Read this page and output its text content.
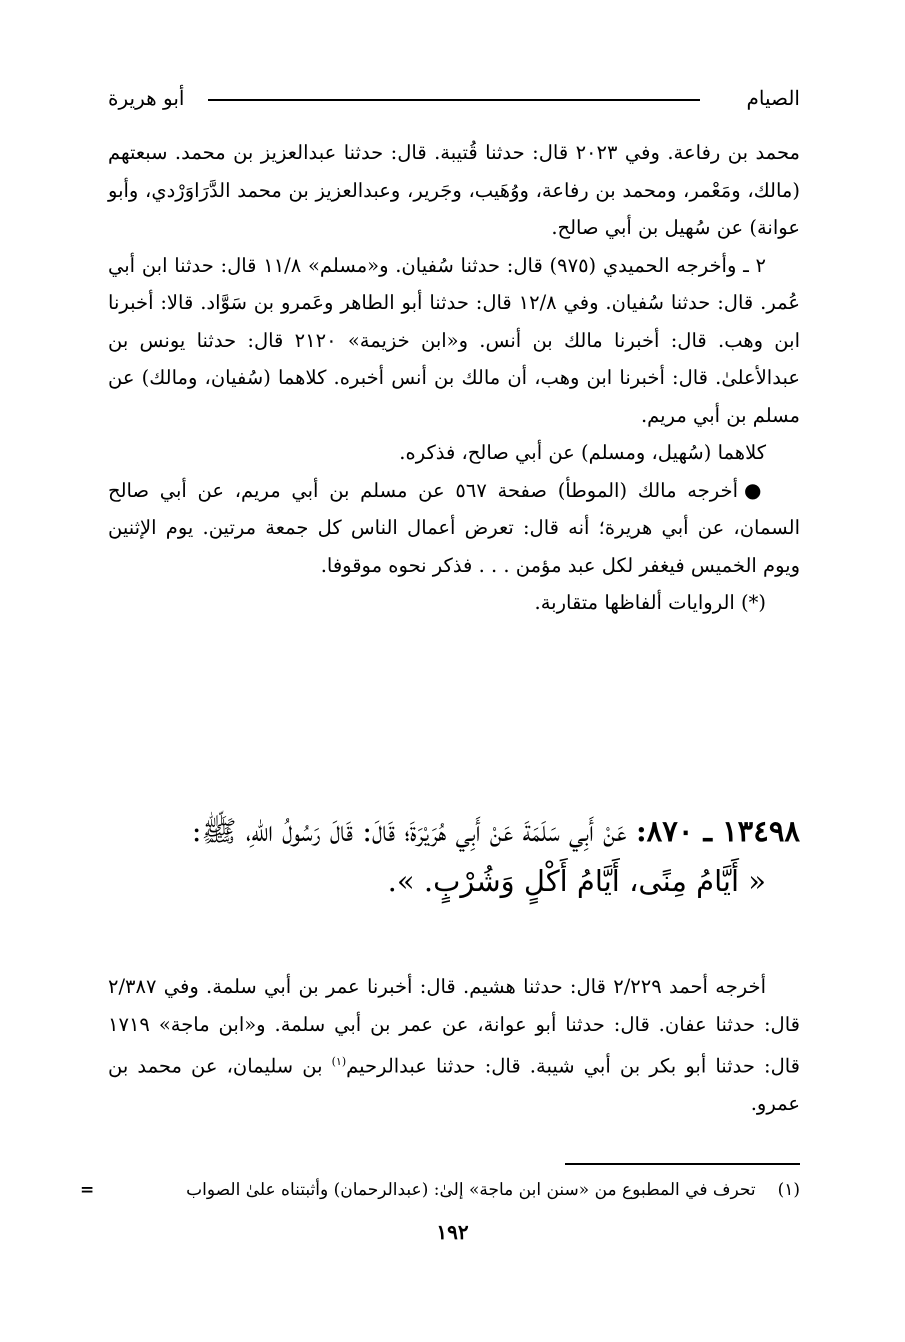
الصيام
أبو هريرة

محمد بن رفاعة. وفي ٢٠٢٣ قال: حدثنا قُتيبة. قال: حدثنا عبدالعزيز بن محمد. سبعتهم (مالك، ومَعْمر، ومحمد بن رفاعة، ووُهَيب، وجَرير، وعبدالعزيز بن محمد الدَّرَاوَرْدي، وأبو عوانة) عن سُهيل بن أبي صالح.

٢ ـ وأخرجه الحميدي (٩٧٥) قال: حدثنا سُفيان. و«مسلم» ١١/٨ قال: حدثنا ابن أبي عُمر. قال: حدثنا سُفيان. وفي ١٢/٨ قال: حدثنا أبو الطاهر وعَمرو بن سَوَّاد. قالا: أخبرنا ابن وهب. قال: أخبرنا مالك بن أنس. و«ابن خزيمة» ٢١٢٠ قال: حدثنا يونس بن عبدالأعلىٰ. قال: أخبرنا ابن وهب، أن مالك بن أنس أخبره. كلاهما (سُفيان، ومالك) عن مسلم بن أبي مريم.

كلاهما (سُهيل، ومسلم) عن أبي صالح، فذكره.

●أخرجه مالك (الموطأ) صفحة ٥٦٧ عن مسلم بن أبي مريم، عن أبي صالح السمان، عن أبي هريرة؛ أنه قال: تعرض أعمال الناس كل جمعة مرتين. يوم الإثنين ويوم الخميس فيغفر لكل عبد مؤمن . . . فذكر نحوه موقوفا.

(*) الروايات ألفاظها متقاربة.

١٣٤٩٨ ـ ٨٧٠: عَنْ أَبِي سَلَمَةَ عَنْ أَبِي هُرَيْرَةَ؛ قَالَ: قَالَ رَسُولُ اللهِ، ﷺ:

« أَيَّامُ مِنًى، أَيَّامُ أَكْلٍ وَشُرْبٍ. ».

أخرجه أحمد ٢/٢٢٩ قال: حدثنا هشيم. قال: أخبرنا عمر بن أبي سلمة. وفي ٢/٣٨٧ قال: حدثنا عفان. قال: حدثنا أبو عوانة، عن عمر بن أبي سلمة. و«ابن ماجة» ١٧١٩ قال: حدثنا أبو بكر بن أبي شيبة. قال: حدثنا عبدالرحيم$^{(١)}$ بن سليمان، عن محمد بن عمرو.

(١)تحرف في المطبوع من «سنن ابن ماجة» إلىٰ: (عبدالرحمان) وأثبتناه علىٰ الصواب
=
١٩٢
